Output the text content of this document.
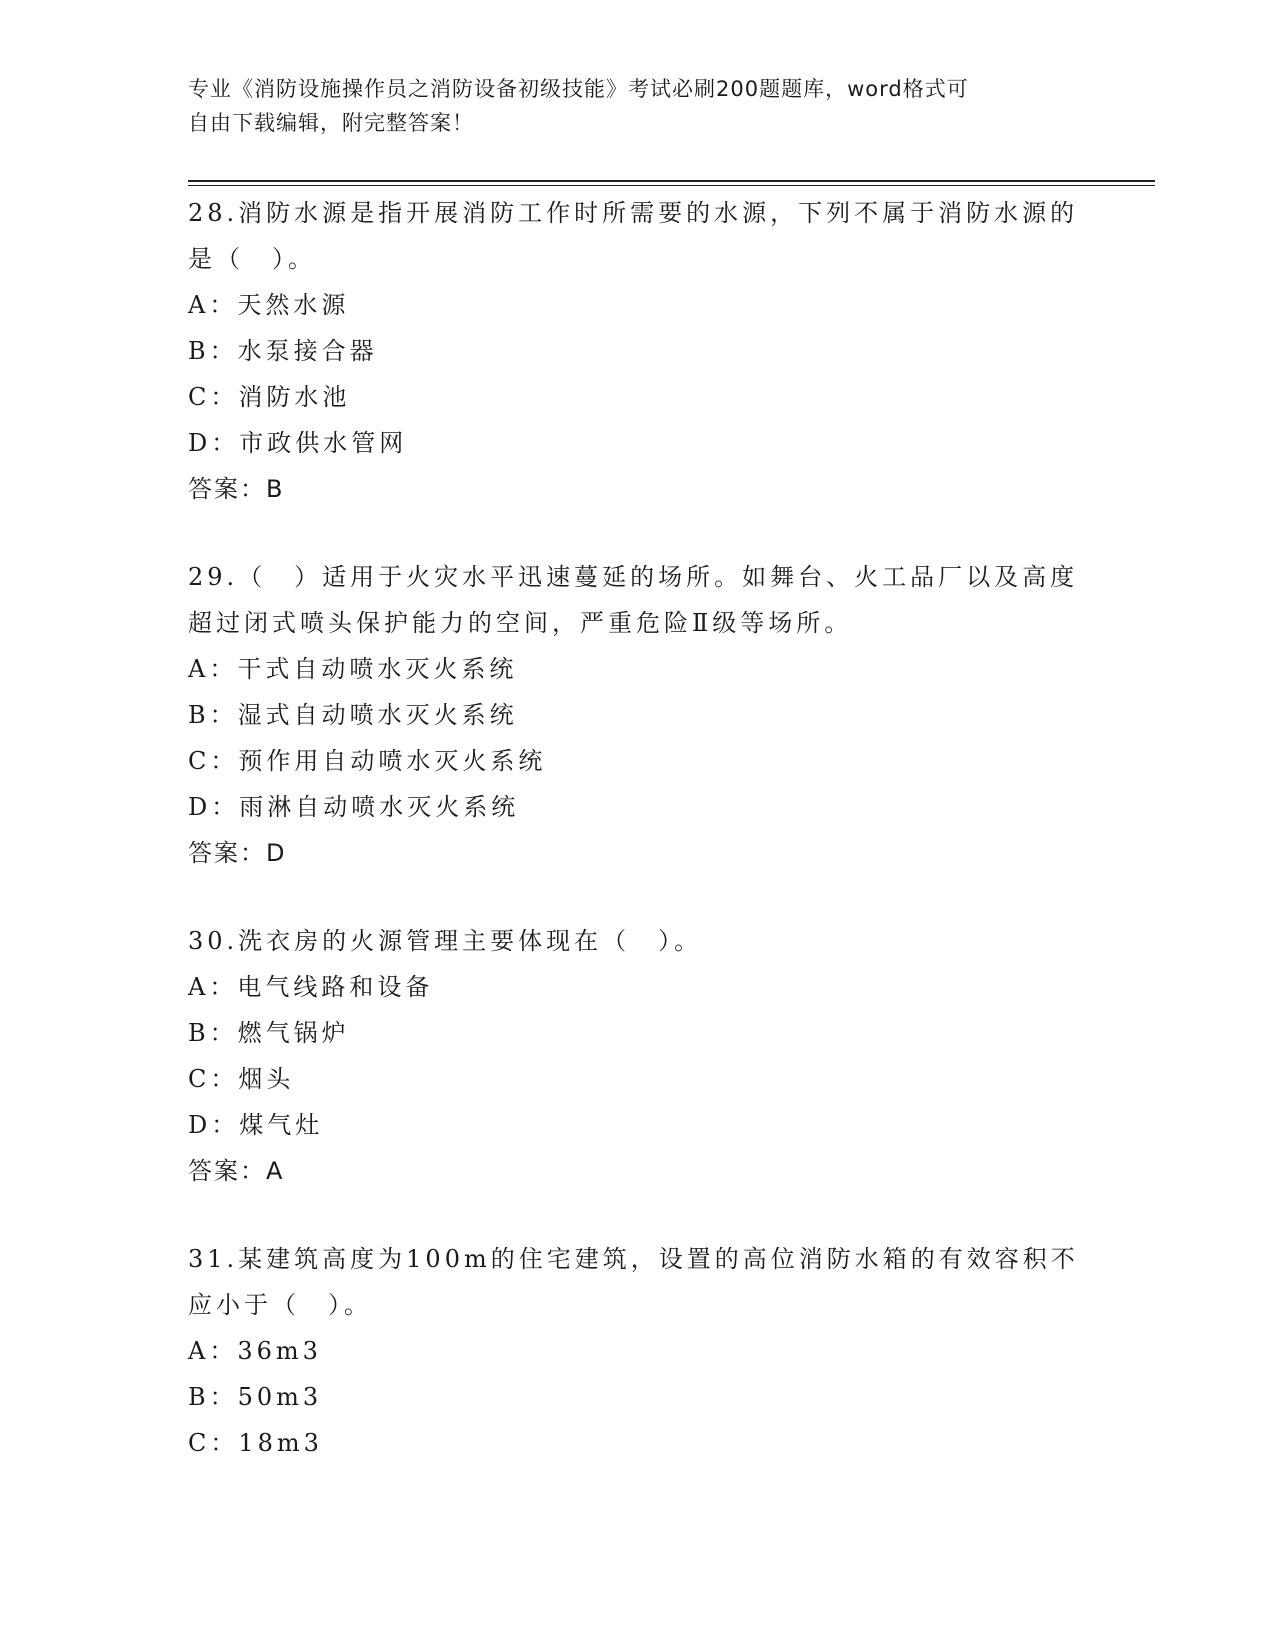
专业《消防设施操作员之消防设备初级技能》考试必刷200题题库，word格式可
自由下载编辑，附完整答案！
28.消防水源是指开展消防工作时所需要的水源，下列不属于消防水源的是（　）。
A：天然水源
B：水泵接合器
C：消防水池
D：市政供水管网
答案：B
29.（　）适用于火灾水平迅速蔓延的场所。如舞台、火工品厂以及高度超过闭式喷头保护能力的空间，严重危险Ⅱ级等场所。
A：干式自动喷水灭火系统
B：湿式自动喷水灭火系统
C：预作用自动喷水灭火系统
D：雨淋自动喷水灭火系统
答案：D
30.洗衣房的火源管理主要体现在（　）。
A：电气线路和设备
B：燃气锅炉
C：烟头
D：煤气灶
答案：A
31.某建筑高度为100m的住宅建筑，设置的高位消防水箱的有效容积不应小于（　）。
A：36m3
B：50m3
C：18m3
